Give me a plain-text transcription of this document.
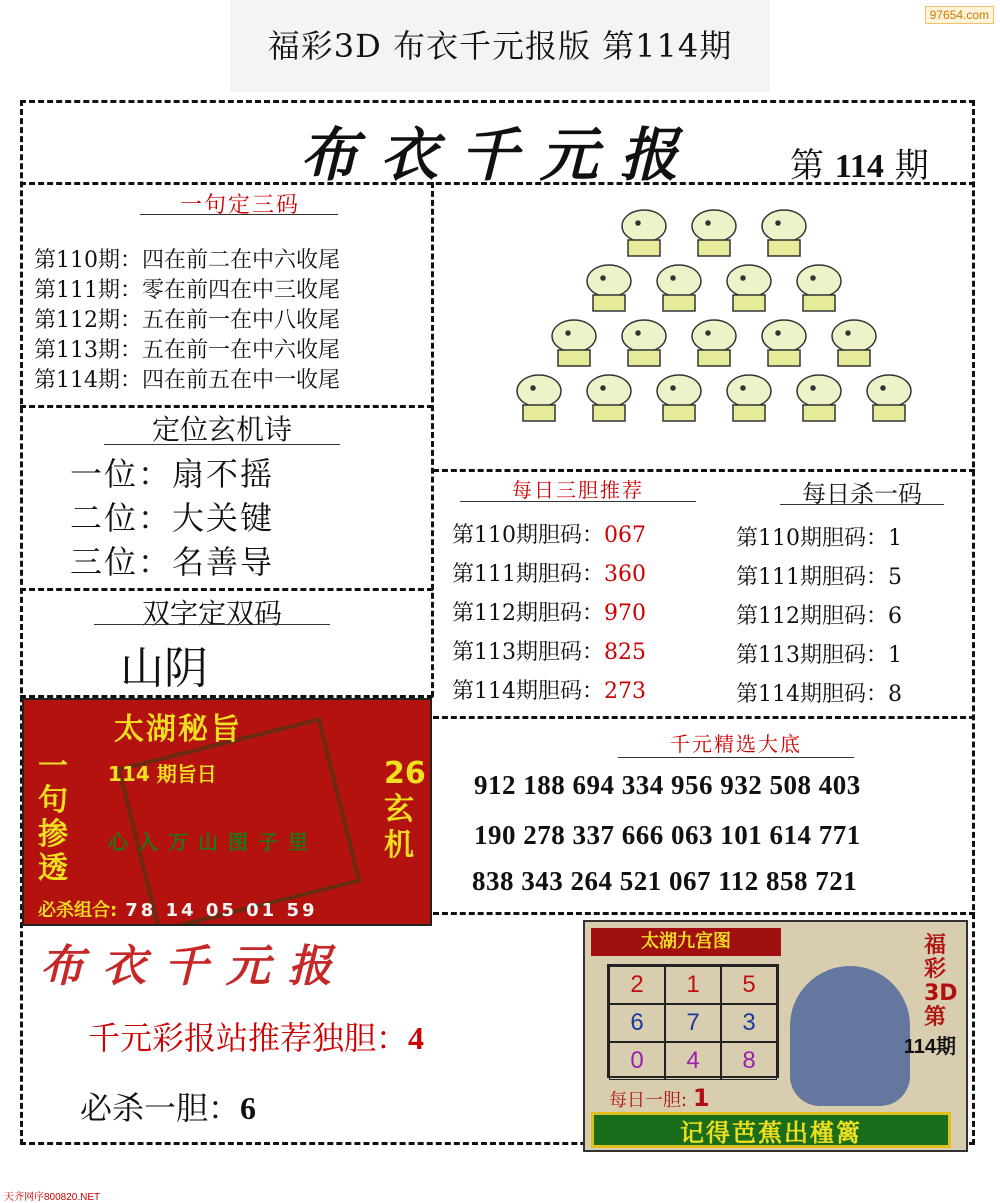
福彩3D 布衣千元报版 第114期
97654.com
布衣千元报	第 114 期
一句定三码
第110期：四在前二在中六收尾
第111期：零在前四在中三收尾
第112期：五在前一在中八收尾
第113期：五在前一在中六收尾
第114期：四在前五在中一收尾
定位玄机诗
一位：扇不摇
二位：大关键
三位：名善导
双字定双码
山阴
每日三胆推荐
第110期胆码：067
第111期胆码：360
第112期胆码：970
第113期胆码：825
第114期胆码：273
每日杀一码
第110期胆码：1
第111期胆码：5
第112期胆码：6
第113期胆码：1
第114期胆码：8
千元精选大底
912 188 694 334 956 932 508 403
190 278 337 666 063 101 614 771
838 343 264 521 067 112 858 721
太湖秘旨
一句掺透
26玄机
114 期旨日
心入万山图子里
必杀组合: 78 14 05 01 59
布衣千元报
千元彩报站推荐独胆：4
必杀一胆：6
太湖九宫图
2	1	5
6	7	3
0	4	8
福彩3D第
114期
每日一胆: 1
记得芭蕉出槿篱
天齐网序800820.NET
